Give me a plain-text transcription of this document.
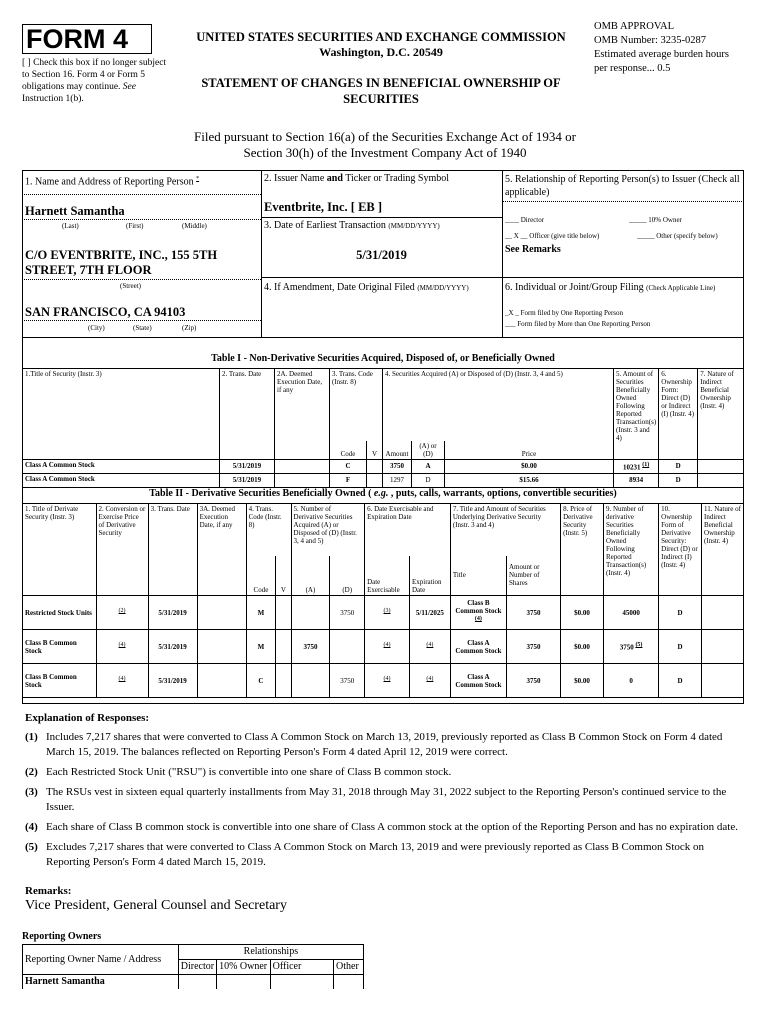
FORM 4
[ ] Check this box if no longer subject to Section 16. Form 4 or Form 5 obligations may continue. See Instruction 1(b).
UNITED STATES SECURITIES AND EXCHANGE COMMISSION
Washington, D.C. 20549
STATEMENT OF CHANGES IN BENEFICIAL OWNERSHIP OF SECURITIES
OMB APPROVAL
OMB Number: 3235-0287
Estimated average burden hours per response... 0.5
Filed pursuant to Section 16(a) of the Securities Exchange Act of 1934 or Section 30(h) of the Investment Company Act of 1940
1. Name and Address of Reporting Person *
Harnett Samantha
(Last)	(First)	(Middle)
C/O EVENTBRITE, INC., 155 5TH STREET, 7TH FLOOR
(Street)
SAN FRANCISCO, CA 94103
(City)	(State)	(Zip)
2. Issuer Name and Ticker or Trading Symbol
Eventbrite, Inc. [ EB ]
3. Date of Earliest Transaction (MM/DD/YYYY)
5/31/2019
4. If Amendment, Date Original Filed (MM/DD/YYYY)
5. Relationship of Reporting Person(s) to Issuer (Check all applicable)
____ Director	_____ 10% Owner
__ X __ Officer (give title below)	_____ Other (specify below)
See Remarks
6. Individual or Joint/Group Filing (Check Applicable Line)
_X _ Form filed by One Reporting Person
___ Form filed by More than One Reporting Person
Table I - Non-Derivative Securities Acquired, Disposed of, or Beneficially Owned
1.Title of Security (Instr. 3)	2. Trans. Date	2A. Deemed Execution Date, if any	3. Trans. Code (Instr. 8)		4. Securities Acquired (A) or Disposed of (D) (Instr. 3, 4 and 5)			5. Amount of Securities Beneficially Owned Following Reported Transaction(s) (Instr. 3 and 4)	6. Ownership Form: Direct (D) or Indirect (I) (Instr. 4)	7. Nature of Indirect Beneficial Ownership (Instr. 4)
			Code	V	Amount	(A) or (D)	Price			
Class A Common Stock	5/31/2019		C		3750	A	$0.00	10231 (1)	D	
Class A Common Stock	5/31/2019		F		1297	D	$15.66	8934	D	
Table II - Derivative Securities Beneficially Owned ( e.g. , puts, calls, warrants, options, convertible securities)
1. Title of Derivate Security (Instr. 3)	2. Conversion or Exercise Price of Derivative Security	3. Trans. Date	3A. Deemed Execution Date, if any	4. Trans. Code (Instr. 8)		5. Number of Derivative Securities Acquired (A) or Disposed of (D) (Instr. 3, 4 and 5)		6. Date Exercisable and Expiration Date		7. Title and Amount of Securities Underlying Derivative Security (Instr. 3 and 4)		8. Price of Derivative Security (Instr. 5)	9. Number of derivative Securities Beneficially Owned Following Reported Transaction(s) (Instr. 4)	10. Ownership Form of Derivative Security: Direct (D) or Indirect (I) (Instr. 4)	11. Nature of Indirect Beneficial Ownership (Instr. 4)
				Code	V	(A)	(D)	Date Exercisable	Expiration Date	Title	Amount or Number of Shares				
Restricted Stock Units	(2)	5/31/2019		M			3750	(3)	5/11/2025	Class B Common Stock (4)	3750	$0.00	45000	D	
Class B Common Stock	(4)	5/31/2019		M		3750		(4)	(4)	Class A Common Stock	3750	$0.00	3750 (5)	D	
Class B Common Stock	(4)	5/31/2019		C			3750	(4)	(4)	Class A Common Stock	3750	$0.00	0	D	
Explanation of Responses:
(1) Includes 7,217 shares that were converted to Class A Common Stock on March 13, 2019, previously reported as Class B Common Stock on Form 4 dated March 15, 2019. The balances reflected on Reporting Person's Form 4 dated April 12, 2019 were correct.
(2) Each Restricted Stock Unit ("RSU") is convertible into one share of Class B common stock.
(3) The RSUs vest in sixteen equal quarterly installments from May 31, 2018 through May 31, 2022 subject to the Reporting Person's continued service to the Issuer.
(4) Each share of Class B common stock is convertible into one share of Class A common stock at the option of the Reporting Person and has no expiration date.
(5) Excludes 7,217 shares that were converted to Class A Common Stock on March 13, 2019 and were previously reported as Class B Common Stock on Reporting Person's Form 4 dated March 15, 2019.
Remarks:
Vice President, General Counsel and Secretary
Reporting Owners
Reporting Owner Name / Address	Relationships			
	Director	10% Owner	Officer	Other
Harnett Samantha				
